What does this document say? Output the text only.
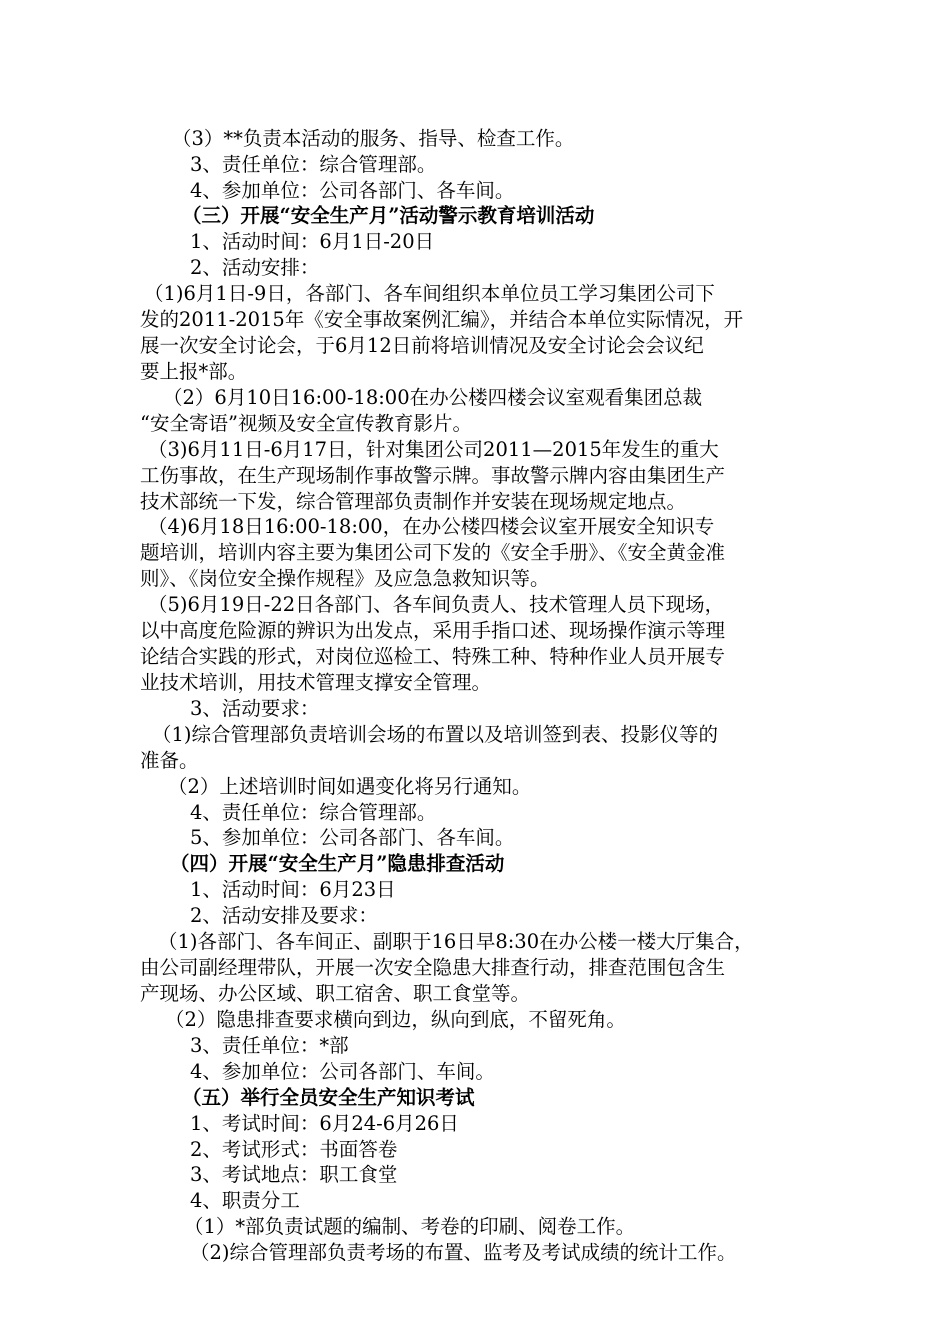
（3）**负责本活动的服务、指导、检查工作。
3、责任单位：综合管理部。
4、参加单位：公司各部门、各车间。
（三）开展“安全生产月”活动警示教育培训活动
1、活动时间：6月1日-20日
2、活动安排：
（1)6月1日-9日，各部门、各车间组织本单位员工学习集团公司下
发的2011-2015年《安全事故案例汇编》，并结合本单位实际情况，开
展一次安全讨论会，于6月12日前将培训情况及安全讨论会会议纪
要上报*部。
（2）6月10日16:00-18:00在办公楼四楼会议室观看集团总裁
“安全寄语”视频及安全宣传教育影片。
（3)6月11日-6月17日，针对集团公司2011—2015年发生的重大
工伤事故，在生产现场制作事故警示牌。事故警示牌内容由集团生产
技术部统一下发，综合管理部负责制作并安装在现场规定地点。
（4)6月18日16:00-18:00，在办公楼四楼会议室开展安全知识专
题培训，培训内容主要为集团公司下发的《安全手册》、《安全黄金准
则》、《岗位安全操作规程》及应急急救知识等。
（5)6月19日-22日各部门、各车间负责人、技术管理人员下现场，
以中高度危险源的辨识为出发点，采用手指口述、现场操作演示等理
论结合实践的形式，对岗位巡检工、特殊工种、特种作业人员开展专
业技术培训，用技术管理支撑安全管理。
3、活动要求：
（1)综合管理部负责培训会场的布置以及培训签到表、投影仪等的
准备。
（2）上述培训时间如遇变化将另行通知。
4、责任单位：综合管理部。
5、参加单位：公司各部门、各车间。
（四）开展“安全生产月”隐患排查活动
1、活动时间：6月23日
2、活动安排及要求：
（1)各部门、各车间正、副职于16日早8:30在办公楼一楼大厅集合，
由公司副经理带队，开展一次安全隐患大排查行动，排查范围包含生
产现场、办公区域、职工宿舍、职工食堂等。
（2）隐患排查要求横向到边，纵向到底，不留死角。
3、责任单位：*部
4、参加单位：公司各部门、车间。
（五）举行全员安全生产知识考试
1、考试时间：6月24-6月26日
2、考试形式：书面答卷
3、考试地点：职工食堂
4、职责分工
（1）*部负责试题的编制、考卷的印刷、阅卷工作。
（2)综合管理部负责考场的布置、监考及考试成绩的统计工作。
